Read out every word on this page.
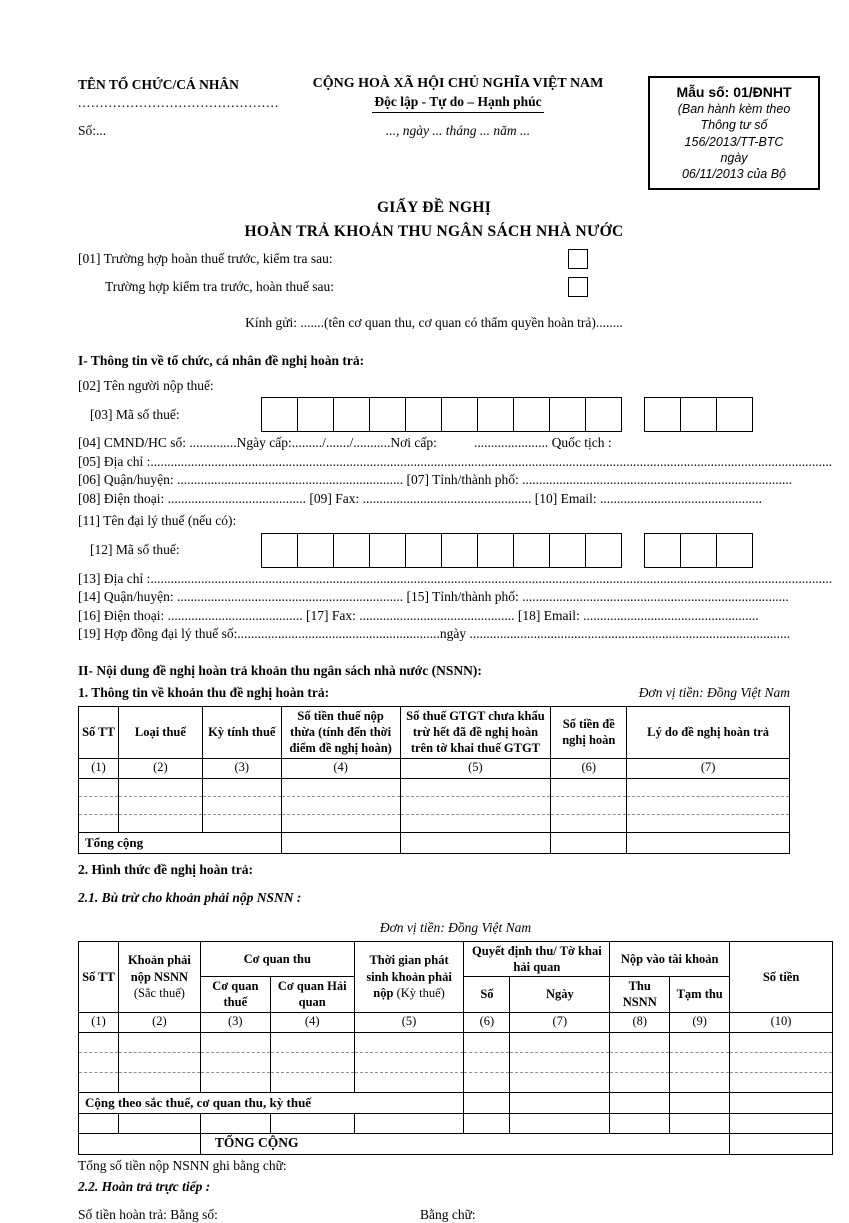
TÊN TỔ CHỨC/CÁ NHÂN
..............................................
Số:...
CỘNG HOÀ XÃ HỘI CHỦ NGHĨA VIỆT NAM
Độc lập - Tự do – Hạnh phúc
..., ngày ... tháng ... năm ...
Mẫu số: 01/ĐNHT
(Ban hành kèm theo
Thông tư số
156/2013/TT-BTC
ngày
06/11/2013 của Bộ
GIẤY ĐỀ NGHỊ
HOÀN TRẢ KHOẢN THU NGÂN SÁCH NHÀ NƯỚC
[01] Trường hợp hoàn thuế trước, kiểm tra sau:
Trường hợp kiểm tra trước, hoàn thuế sau:
Kính gửi: .......(tên cơ quan thu, cơ quan có thẩm quyền hoàn trả)........
I- Thông tin về tổ chức, cá nhân đề nghị hoàn trả:
[02] Tên người nộp thuế:
[03] Mã số thuế:
[04] CMND/HC số: ..............Ngày cấp:........./......./...........Nơi cấp:           ...................... Quốc tịch :
[05] Địa chỉ :..........................................................................................................................................................................................................
[06] Quận/huyện: ................................................................... [07] Tỉnh/thành phố: ................................................................................
[08] Điện thoại: ......................................... [09] Fax: .................................................. [10] Email: ................................................
[11] Tên đại lý thuế (nếu có):
[12] Mã số thuế:
[13] Địa chỉ :..........................................................................................................................................................................................................
[14] Quận/huyện: ................................................................... [15] Tỉnh/thành phố: ...............................................................................
[16] Điện thoại: ........................................ [17] Fax: .............................................. [18] Email: ....................................................
[19] Hợp đồng đại lý thuế số:............................................................ngày ...............................................................................................
II- Nội dung đề nghị hoàn trả khoản thu ngân sách nhà nước (NSNN):
1. Thông tin về khoản thu đề nghị hoàn trả:	Đơn vị tiền: Đồng Việt Nam
Số TT	Loại thuế	Kỳ tính thuế	Số tiền thuế nộp thừa (tính đến thời điểm đề nghị hoàn)	Số thuế GTGT chưa khấu trừ hết đã đề nghị hoàn trên tờ khai thuế GTGT	Số tiền đề nghị hoàn	Lý do đề nghị hoàn trả
(1)	(2)	(3)	(4)	(5)	(6)	(7)

Tổng cộng						
2. Hình thức đề nghị hoàn trả:
2.1. Bù trừ cho khoản phải nộp NSNN :
Đơn vị tiền: Đồng Việt Nam
Số TT	Khoản phải nộp NSNN (Sắc thuế)	Cơ quan thu		Thời gian phát sinh khoản phải nộp (Kỳ thuế)	Quyết định thu/ Tờ khai hải quan		Nộp vào tài khoản		Số tiền
		Cơ quan thuế	Cơ quan Hải quan		Số	Ngày	Thu NSNN	Tạm thu	
(1)	(2)	(3)	(4)	(5)	(6)	(7)	(8)	(9)	(10)

Cộng theo sắc thuế, cơ quan thu, kỳ thuế									

		TỔNG CỘNG							
Tổng số tiền nộp NSNN ghi bằng chữ:
2.2. Hoàn trả trực tiếp :
Số tiền hoàn trả: Bằng số:	Bằng chữ:
